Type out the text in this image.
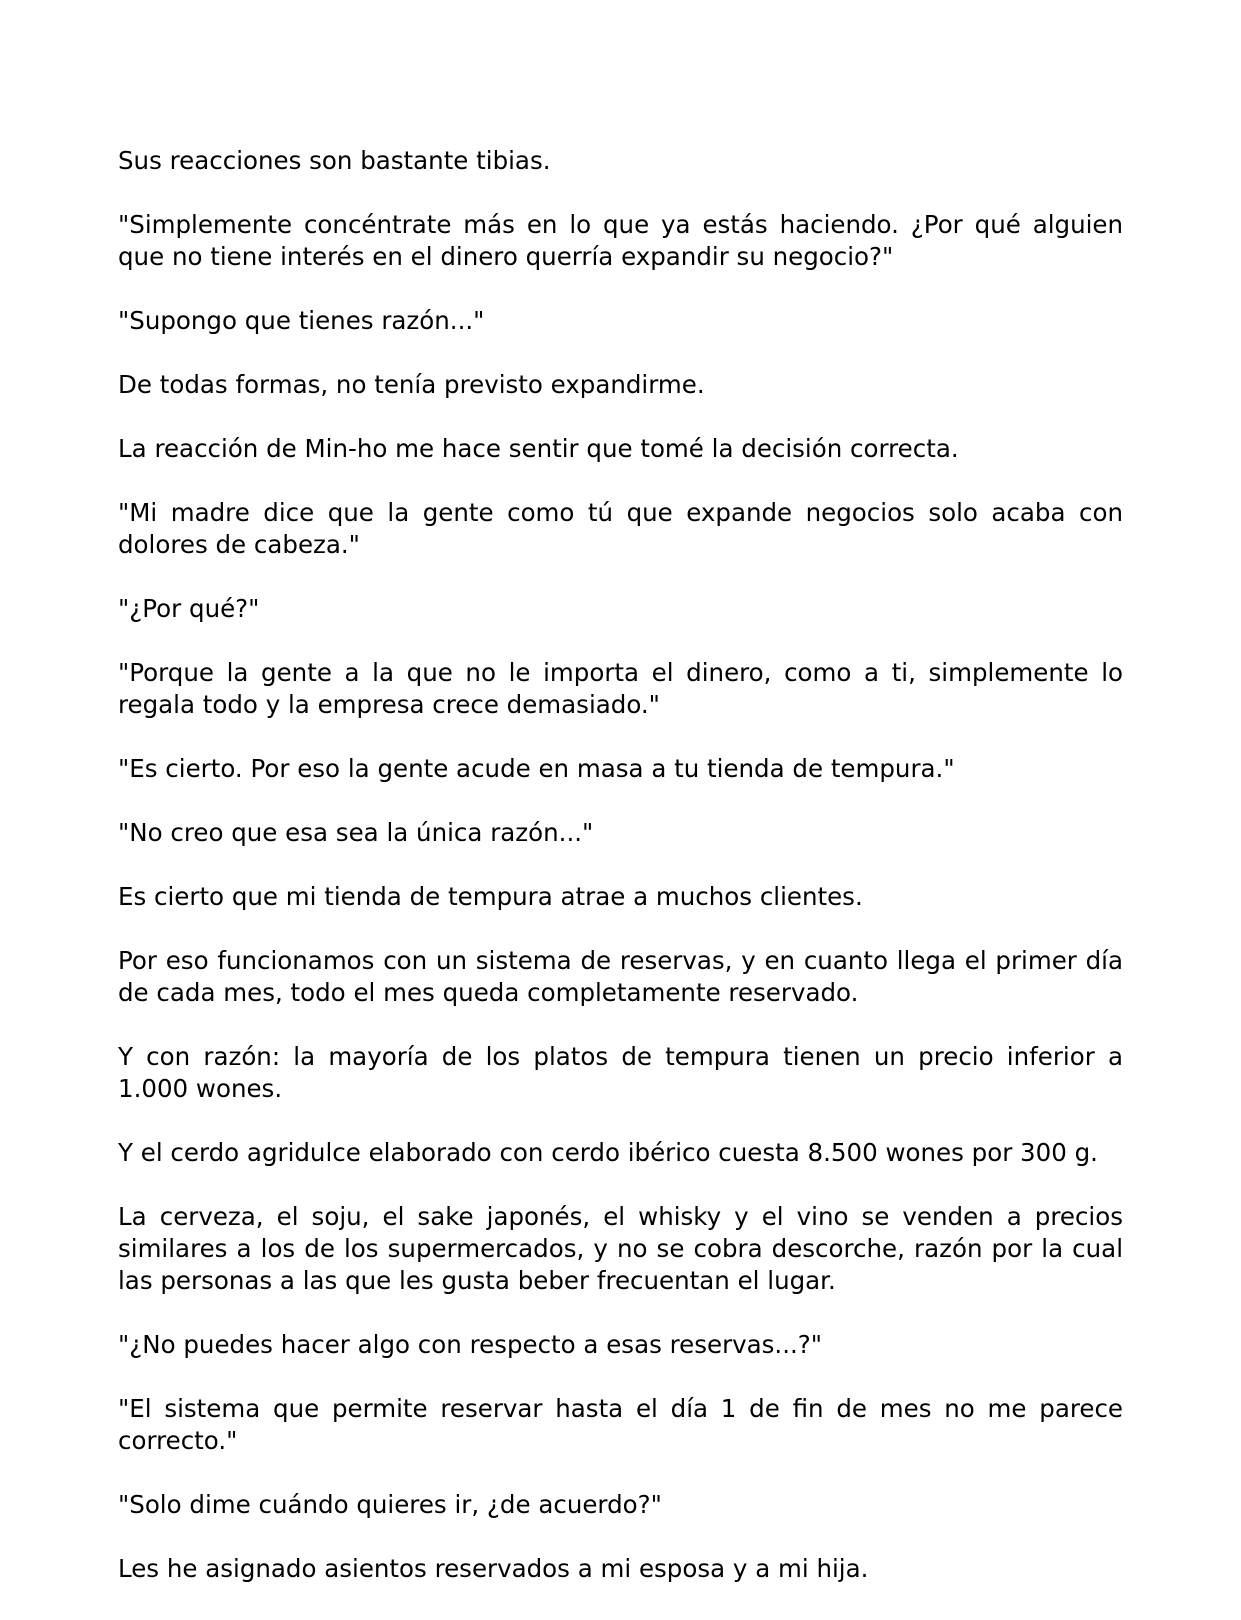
Sus reacciones son bastante tibias.

"Simplemente concéntrate más en lo que ya estás haciendo. ¿Por qué alguien que no tiene interés en el dinero querría expandir su negocio?"

"Supongo que tienes razón..."

De todas formas, no tenía previsto expandirme.

La reacción de Min-ho me hace sentir que tomé la decisión correcta.

"Mi madre dice que la gente como tú que expande negocios solo acaba con dolores de cabeza."

"¿Por qué?"

"Porque la gente a la que no le importa el dinero, como a ti, simplemente lo regala todo y la empresa crece demasiado."

"Es cierto. Por eso la gente acude en masa a tu tienda de tempura."

"No creo que esa sea la única razón..."

Es cierto que mi tienda de tempura atrae a muchos clientes.

Por eso funcionamos con un sistema de reservas, y en cuanto llega el primer día de cada mes, todo el mes queda completamente reservado.

Y con razón: la mayoría de los platos de tempura tienen un precio inferior a 1.000 wones.

Y el cerdo agridulce elaborado con cerdo ibérico cuesta 8.500 wones por 300 g.

La cerveza, el soju, el sake japonés, el whisky y el vino se venden a precios similares a los de los supermercados, y no se cobra descorche, razón por la cual las personas a las que les gusta beber frecuentan el lugar.

"¿No puedes hacer algo con respecto a esas reservas...?"

"El sistema que permite reservar hasta el día 1 de fin de mes no me parece correcto."

"Solo dime cuándo quieres ir, ¿de acuerdo?"

Les he asignado asientos reservados a mi esposa y a mi hija.
